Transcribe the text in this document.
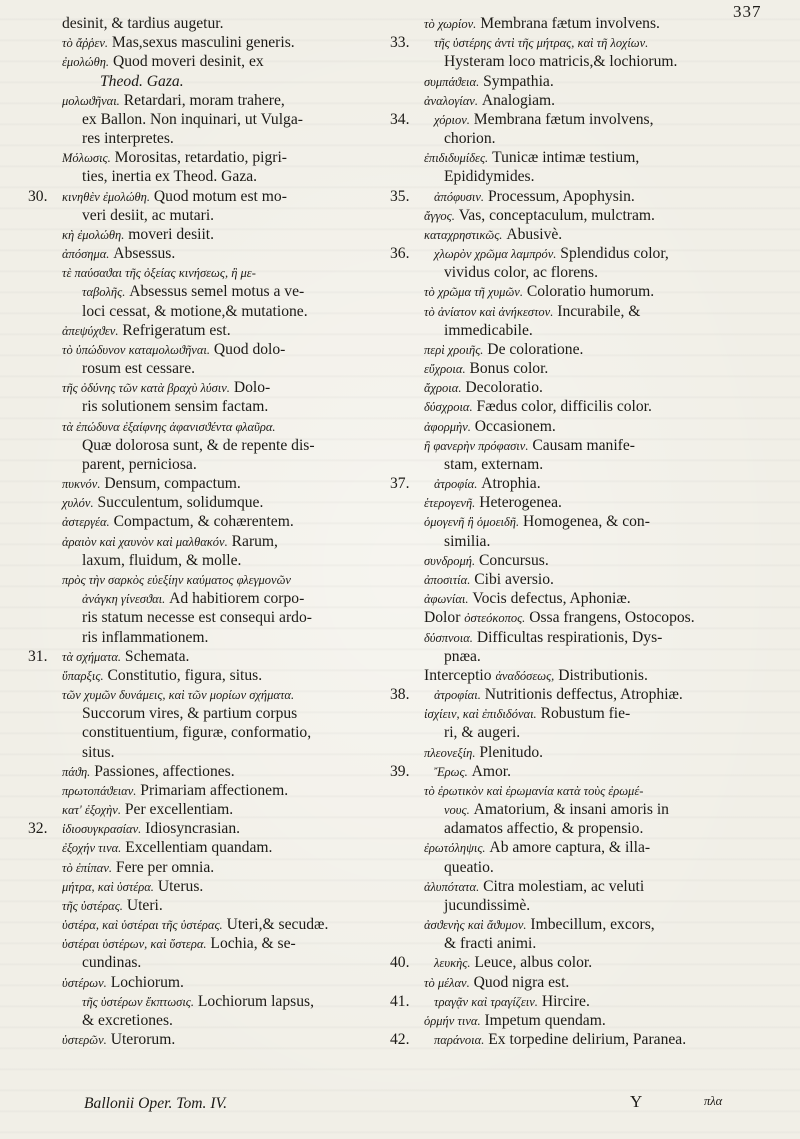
337
desinit, & tardius augetur.
τὸ ἄῤῥεν. Mas,sexus masculini generis.
ἐμολώθη. Quod moveri desinit, ex
Theod. Gaza.
μολωϑῆναι. Retardari, moram trahere,
ex Ballon. Non inquinari, ut Vulga-
res interpretes.
Μόλωσις. Morositas, retardatio, pigri-
ties, inertia ex Theod. Gaza.
30.	κινηθὲν ἐμολώθη. Quod motum est mo-
veri desiit, ac mutari.
κὴ ἐμολώθη. moveri desiit.
ἀπόσημα. Absessus.
τὲ παύσαϑαι τῆς ὀξείας κινήσεως, ἢ με-
ταβολῆς. Absessus semel motus a ve-
loci cessat, & motione,& mutatione.
ἀπεψύχϑεν. Refrigeratum est.
τὸ ὑπώδυνον καταμολωϑῆναι. Quod dolo-
rosum est cessare.
τῆς ὀδύνης τῶν κατὰ βραχὺ λύσιν. Dolo-
ris solutionem sensim factam.
τὰ ἐπώδυνα ἐξαίφνης ἀφανισϑέντα φλαῦρα.
Quæ dolorosa sunt, & de repente dis-
parent, perniciosa.
πυκνόν. Densum, compactum.
χυλόν. Succulentum, solidumque.
ἀστεργέα. Compactum, & cohærentem.
ἀραιὸν καὶ χαυνὸν καὶ μαλθακόν. Rarum,
laxum, fluidum, & molle.
πρὸς τὴν σαρκὸς εὐεξίην καύματος φλεγμονῶν
ἀνάγκη γίνεσϑαι. Ad habitiorem corpo-
ris statum necesse est consequi ardo-
ris inflammationem.
31.	τὰ σχήματα. Schemata.
ὕπαρξις. Constitutio, figura, situs.
τῶν χυμῶν δυνάμεις, καὶ τῶν μορίων σχήματα.
Succorum vires, & partium corpus
constituentium, figuræ, conformatio,
situs.
πάϑη. Passiones, affectiones.
πρωτοπάϑειαν. Primariam affectionem.
κατ' ἐξοχὴν. Per excellentiam.
32.	ἰδιοσυγκρασίαν. Idiosyncrasian.
ἐξοχήν τινα. Excellentiam quandam.
τὸ ἐπίπαν. Fere per omnia.
μήτρα, καὶ ὑστέρα. Uterus.
τῆς ὑστέρας. Uteri.
ὑστέρα, καὶ ὑστέραι τῆς ὑστέρας. Uteri,& secudæ.
ὑστέραι ὑστέρων, καὶ ὕστερα. Lochia, & se-
cundinas.
ὑστέρων. Lochiorum.
τῆς ὑστέρων ἔκπτωσις. Lochiorum lapsus,
& excretiones.
ὑστερῶν. Uterorum.
τὸ χωρίον. Membrana fætum involvens.
33.	τῆς ὑστέρης ἀντὶ τῆς μήτρας, καὶ τῆ λοχίων.
Hysteram loco matricis,& lochiorum.
συμπάϑεια. Sympathia.
ἀναλογίαν. Analogiam.
34.	χόριον. Membrana fætum involvens,
chorion.
ἐπιδιδυμίδες. Tunicæ intimæ testium,
Epididymides.
35.	ἀπόφυσιν. Processum, Apophysin.
ἄγγος. Vas, conceptaculum, mulctram.
καταχρηστικῶς. Abusivè.
36.	χλωρὸν χρῶμα λαμπρόν. Splendidus color,
vividus color, ac florens.
τὸ χρῶμα τῆ χυμῶν. Coloratio humorum.
τὸ ἀνίατον καὶ ἀνήκεστον. Incurabile, &
immedicabile.
περὶ χροιῆς. De coloratione.
εὔχροια. Bonus color.
ἄχροια. Decoloratio.
δύσχροια. Fædus color, difficilis color.
ἀφορμὴν. Occasionem.
ἢ φανερὴν πρόφασιν. Causam manife-
stam, externam.
37.	ἀτροφία. Atrophia.
ἑτερογενῆ. Heterogenea.
ὁμογενῆ ἢ ὁμοειδῆ. Homogenea, & con-
similia.
συνδρομή. Concursus.
ἀποσιτία. Cibi aversio.
ἀφωνίαι. Vocis defectus, Aphoniæ.
Dolor ὀστεόκοπος. Ossa frangens, Ostocopos.
δύσπνοια. Difficultas respirationis, Dys-
pnæa.
Interceptio ἀναδόσεως, Distributionis.
38.	ἀτροφίαι. Nutritionis deffectus, Atrophiæ.
ἰσχίειν, καὶ ἐπιδιδόναι. Robustum fie-
ri, & augeri.
πλεονεξίη. Plenitudo.
39.	Ἔρως. Amor.
τὸ ἐρωτικὸν καὶ ἐρωμανία κατὰ τοὺς ἐρωμέ-
νους. Amatorium, & insani amoris in
adamatos affectio, & propensio.
ἐρωτόληψις. Ab amore captura, & illa-
queatio.
ἀλυπότατα. Citra molestiam, ac veluti
jucundissimè.
ἀσϑενὴς καὶ ἄϑυμον. Imbecillum, excors,
& fracti animi.
40.	λευκὴς. Leuce, albus color.
τὸ μέλαν. Quod nigra est.
41.	τραγᾷν καὶ τραγίζειν. Hircire.
ὁρμήν τινα. Impetum quendam.
42.	παράνοια. Ex torpedine delirium, Paranea.
Ballonii Oper. Tom. IV.	Y	πλα
